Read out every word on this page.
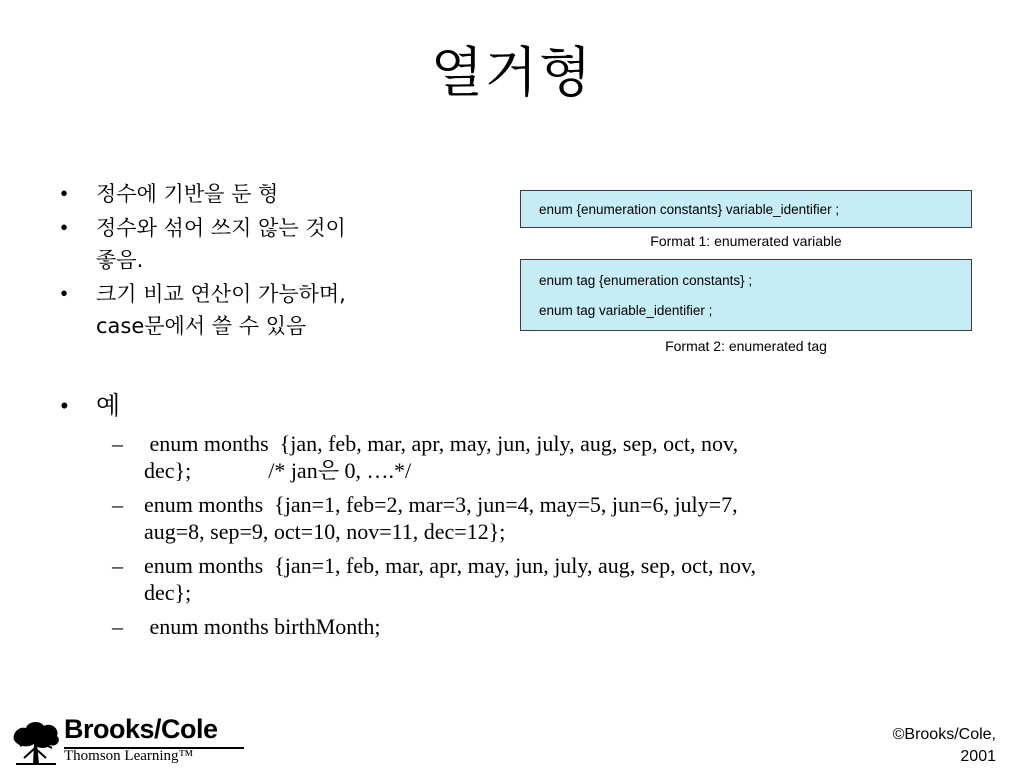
열거형
• 정수에 기반을 둔 형
• 정수와 섞어 쓰지 않는 것이
좋음.
• 크기 비교 연산이 가능하며,
case문에서 쓸 수 있음
enum {enumeration constants} variable_identifier ;
Format 1: enumerated variable
enum tag {enumeration constants} ;
enum tag variable_identifier ;
Format 2: enumerated tag
• 예
– enum months  {jan, feb, mar, apr, may, jun, july, aug, sep, oct, nov,
dec};              /* jan은 0, ….*/
– enum months  {jan=1, feb=2, mar=3, jun=4, may=5, jun=6, july=7,
aug=8, sep=9, oct=10, nov=11, dec=12};
– enum months  {jan=1, feb, mar, apr, may, jun, july, aug, sep, oct, nov,
dec};
– enum months birthMonth;
Brooks/Cole
Thomson Learning™
©Brooks/Cole,
2001
